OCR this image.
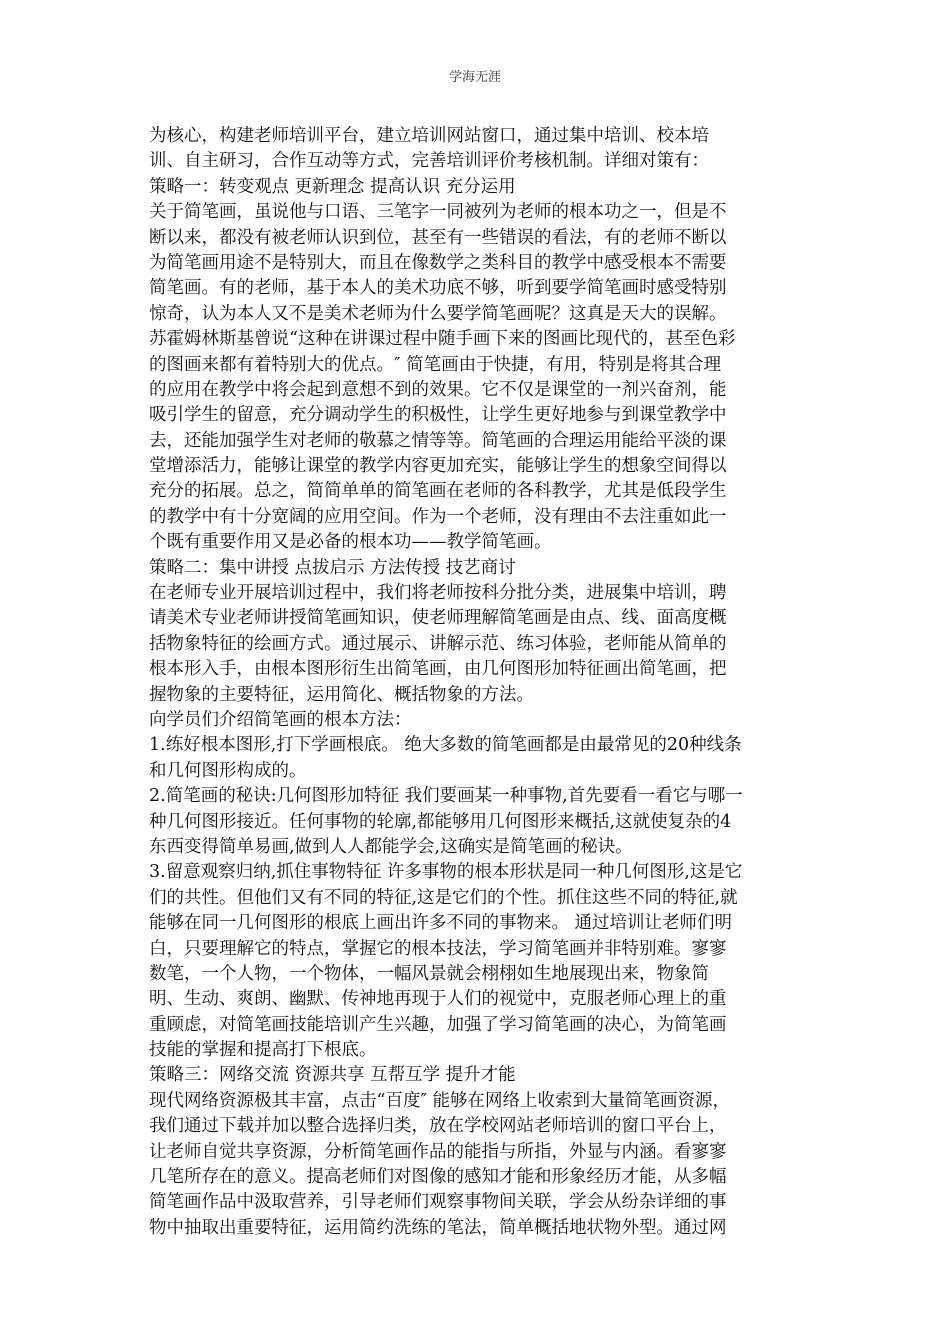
学海无涯
为核心，构建老师培训平台，建立培训网站窗口，通过集中培训、校本培
训、自主研习，合作互动等方式，完善培训评价考核机制。详细对策有：
策略一：转变观点 更新理念 提高认识 充分运用
关于简笔画，虽说他与口语、三笔字一同被列为老师的根本功之一，但是不
断以来，都没有被老师认识到位，甚至有一些错误的看法，有的老师不断以
为简笔画用途不是特别大，而且在像数学之类科目的教学中感受根本不需要
简笔画。有的老师，基于本人的美术功底不够，听到要学简笔画时感受特别
惊奇，认为本人又不是美术老师为什么要学简笔画呢？这真是天大的误解。
苏霍姆林斯基曾说“这种在讲课过程中随手画下来的图画比现代的，甚至色彩
的图画来都有着特别大的优点。″ 简笔画由于快捷，有用，特别是将其合理
的应用在教学中将会起到意想不到的效果。它不仅是课堂的一剂兴奋剂，能
吸引学生的留意，充分调动学生的积极性，让学生更好地参与到课堂教学中
去，还能加强学生对老师的敬慕之情等等。简笔画的合理运用能给平淡的课
堂增添活力，能够让课堂的教学内容更加充实，能够让学生的想象空间得以
充分的拓展。总之，简简单单的简笔画在老师的各科教学，尤其是低段学生
的教学中有十分宽阔的应用空间。作为一个老师，没有理由不去注重如此一
个既有重要作用又是必备的根本功——教学简笔画。
策略二：集中讲授 点拔启示 方法传授 技艺商讨
在老师专业开展培训过程中，我们将老师按科分批分类，进展集中培训，聘
请美术专业老师讲授简笔画知识，使老师理解简笔画是由点、线、面高度概
括物象特征的绘画方式。通过展示、讲解示范、练习体验，老师能从简单的
根本形入手，由根本图形衍生出简笔画，由几何图形加特征画出简笔画，把
握物象的主要特征，运用简化、概括物象的方法。
向学员们介绍简笔画的根本方法：
1.练好根本图形,打下学画根底。 绝大多数的简笔画都是由最常见的20种线条
和几何图形构成的。
2.简笔画的秘诀:几何图形加特征 我们要画某一种事物,首先要看一看它与哪一
种几何图形接近。任何事物的轮廓,都能够用几何图形来概括,这就使复杂的4
东西变得简单易画,做到人人都能学会,这确实是简笔画的秘诀。
3.留意观察归纳,抓住事物特征 许多事物的根本形状是同一种几何图形,这是它
们的共性。但他们又有不同的特征,这是它们的个性。抓住这些不同的特征,就
能够在同一几何图形的根底上画出许多不同的事物来。 通过培训让老师们明
白，只要理解它的特点，掌握它的根本技法，学习简笔画并非特别难。寥寥
数笔，一个人物，一个物体，一幅风景就会栩栩如生地展现出来，物象简
明、生动、爽朗、幽默、传神地再现于人们的视觉中，克服老师心理上的重
重顾虑，对简笔画技能培训产生兴趣，加强了学习简笔画的决心，为简笔画
技能的掌握和提高打下根底。
策略三：网络交流 资源共享 互帮互学 提升才能
现代网络资源极其丰富，点击“百度″ 能够在网络上收索到大量简笔画资源，
我们通过下载并加以整合选择归类，放在学校网站老师培训的窗口平台上，
让老师自觉共享资源，分析简笔画作品的能指与所指，外显与内涵。看寥寥
几笔所存在的意义。提高老师们对图像的感知才能和形象经历才能，从多幅
简笔画作品中汲取营养，引导老师们观察事物间关联，学会从纷杂详细的事
物中抽取出重要特征，运用简约洗练的笔法，简单概括地状物外型。通过网
